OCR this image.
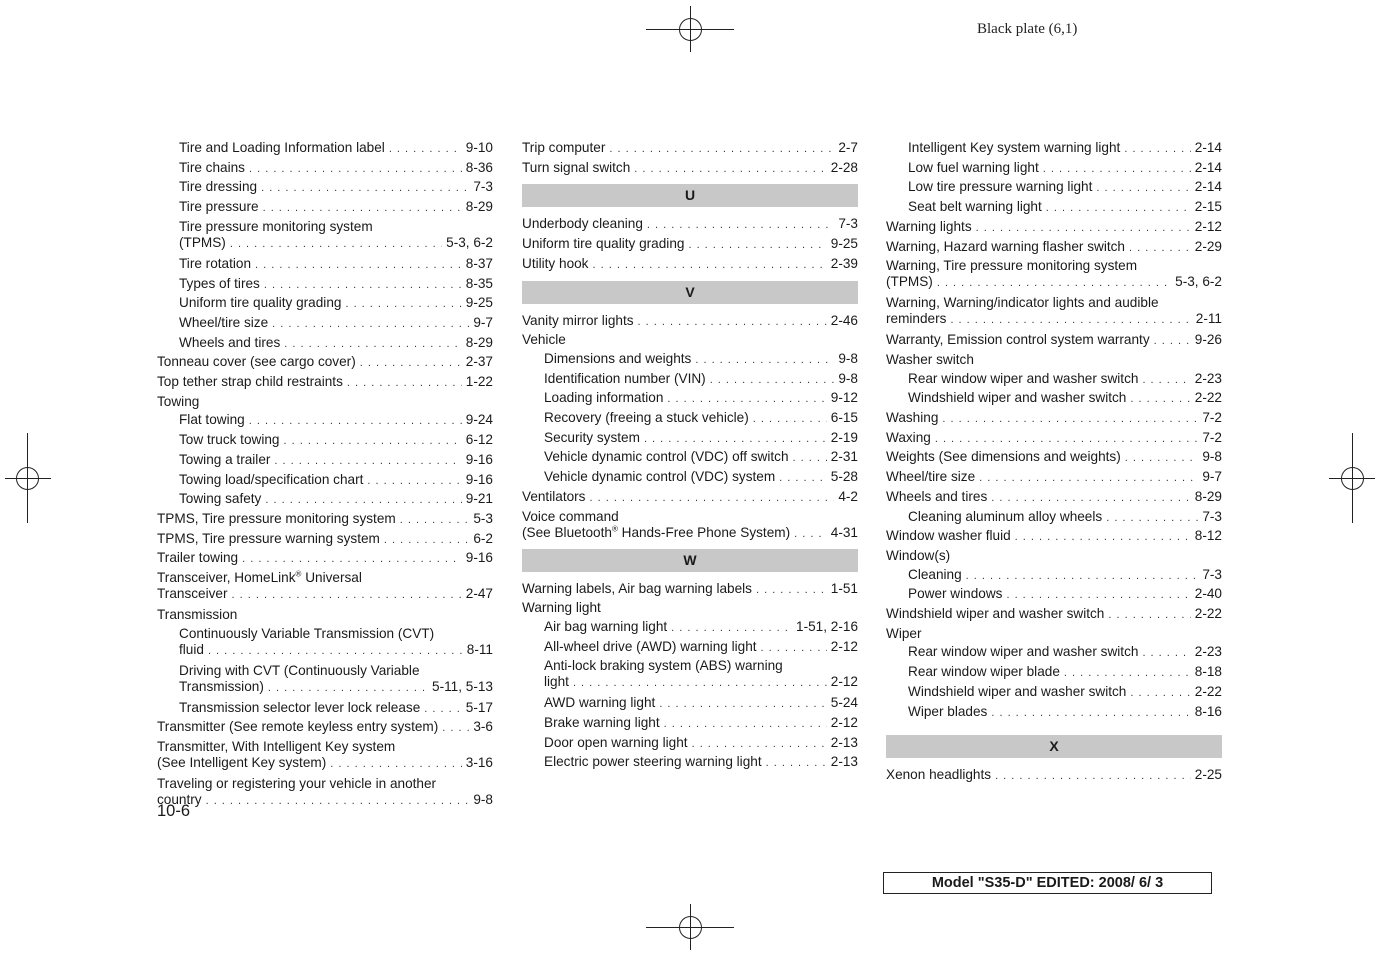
Black plate (6,1)
Tire and Loading Information label . . .	9-10
Tire chains . . .	8-36
Tire dressing . . .	7-3
Tire pressure . . .	8-29
Tire pressure monitoring system
(TPMS) . . .	5-3, 6-2
Tire rotation . . .	8-37
Types of tires . . .	8-35
Uniform tire quality grading . . .	9-25
Wheel/tire size . . .	9-7
Wheels and tires . . .	8-29
Tonneau cover (see cargo cover) . . .	2-37
Top tether strap child restraints . . .	1-22
Towing
Flat towing . . .	9-24
Tow truck towing . . .	6-12
Towing a trailer . . .	9-16
Towing load/specification chart . . .	9-16
Towing safety . . .	9-21
TPMS, Tire pressure monitoring system . . .	5-3
TPMS, Tire pressure warning system . . .	6-2
Trailer towing . . .	9-16
Transceiver, HomeLink® Universal
Transceiver . . .	2-47
Transmission
Continuously Variable Transmission (CVT)
fluid . . .	8-11
Driving with CVT (Continuously Variable
Transmission) . . .	5-11, 5-13
Transmission selector lever lock release . . .	5-17
Transmitter (See remote keyless entry system) . . .	3-6
Transmitter, With Intelligent Key system
(See Intelligent Key system) . . .	3-16
Traveling or registering your vehicle in another
country . . .	9-8
Trip computer . . .	2-7
Turn signal switch . . .	2-28
U
Underbody cleaning . . .	7-3
Uniform tire quality grading . . .	9-25
Utility hook . . .	2-39
V
Vanity mirror lights . . .	2-46
Vehicle
Dimensions and weights . . .	9-8
Identification number (VIN) . . .	9-8
Loading information . . .	9-12
Recovery (freeing a stuck vehicle) . . .	6-15
Security system . . .	2-19
Vehicle dynamic control (VDC) off switch . . .	2-31
Vehicle dynamic control (VDC) system . . .	5-28
Ventilators . . .	4-2
Voice command
(See Bluetooth® Hands-Free Phone System) . . .	4-31
W
Warning labels, Air bag warning labels . . .	1-51
Warning light
Air bag warning light . . .	1-51, 2-16
All-wheel drive (AWD) warning light . . .	2-12
Anti-lock braking system (ABS) warning
light . . .	2-12
AWD warning light . . .	5-24
Brake warning light . . .	2-12
Door open warning light . . .	2-13
Electric power steering warning light . . .	2-13
Intelligent Key system warning light . . .	2-14
Low fuel warning light . . .	2-14
Low tire pressure warning light . . .	2-14
Seat belt warning light . . .	2-15
Warning lights . . .	2-12
Warning, Hazard warning flasher switch . . .	2-29
Warning, Tire pressure monitoring system
(TPMS) . . .	5-3, 6-2
Warning, Warning/indicator lights and audible
reminders . . .	2-11
Warranty, Emission control system warranty . . .	9-26
Washer switch
Rear window wiper and washer switch . . .	2-23
Windshield wiper and washer switch . . .	2-22
Washing . . .	7-2
Waxing . . .	7-2
Weights (See dimensions and weights) . . .	9-8
Wheel/tire size . . .	9-7
Wheels and tires . . .	8-29
Cleaning aluminum alloy wheels . . .	7-3
Window washer fluid . . .	8-12
Window(s)
Cleaning . . .	7-3
Power windows . . .	2-40
Windshield wiper and washer switch . . .	2-22
Wiper
Rear window wiper and washer switch . . .	2-23
Rear window wiper blade . . .	8-18
Windshield wiper and washer switch . . .	2-22
Wiper blades . . .	8-16
X
Xenon headlights . . .	2-25
10-6
Model "S35-D" EDITED: 2008/ 6/ 3
